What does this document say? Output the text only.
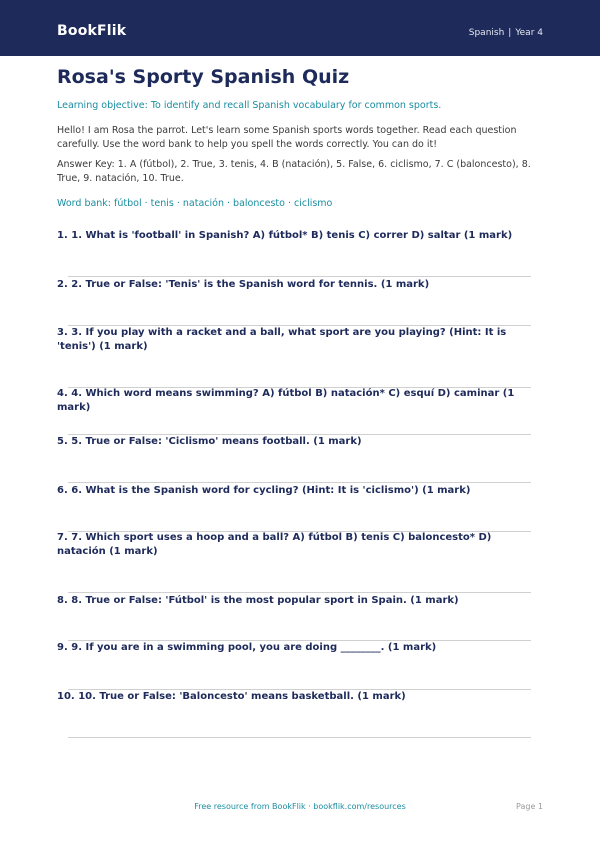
BookFlik	Spanish | Year 4
Rosa's Sporty Spanish Quiz
Learning objective: To identify and recall Spanish vocabulary for common sports.
Hello! I am Rosa the parrot. Let's learn some Spanish sports words together. Read each question carefully. Use the word bank to help you spell the words correctly. You can do it!
Answer Key: 1. A (fútbol), 2. True, 3. tenis, 4. B (natación), 5. False, 6. ciclismo, 7. C (baloncesto), 8. True, 9. natación, 10. True.
Word bank: fútbol · tenis · natación · baloncesto · ciclismo
1. 1. What is 'football' in Spanish? A) fútbol* B) tenis C) correr D) saltar (1 mark)
2. 2. True or False: 'Tenis' is the Spanish word for tennis. (1 mark)
3. 3. If you play with a racket and a ball, what sport are you playing? (Hint: It is 'tenis') (1 mark)
4. 4. Which word means swimming? A) fútbol B) natación* C) esquí D) caminar (1 mark)
5. 5. True or False: 'Ciclismo' means football. (1 mark)
6. 6. What is the Spanish word for cycling? (Hint: It is 'ciclismo') (1 mark)
7. 7. Which sport uses a hoop and a ball? A) fútbol B) tenis C) baloncesto* D) natación (1 mark)
8. 8. True or False: 'Fútbol' is the most popular sport in Spain. (1 mark)
9. 9. If you are in a swimming pool, you are doing ________. (1 mark)
10. 10. True or False: 'Baloncesto' means basketball. (1 mark)
Free resource from BookFlik · bookflik.com/resources	Page 1
